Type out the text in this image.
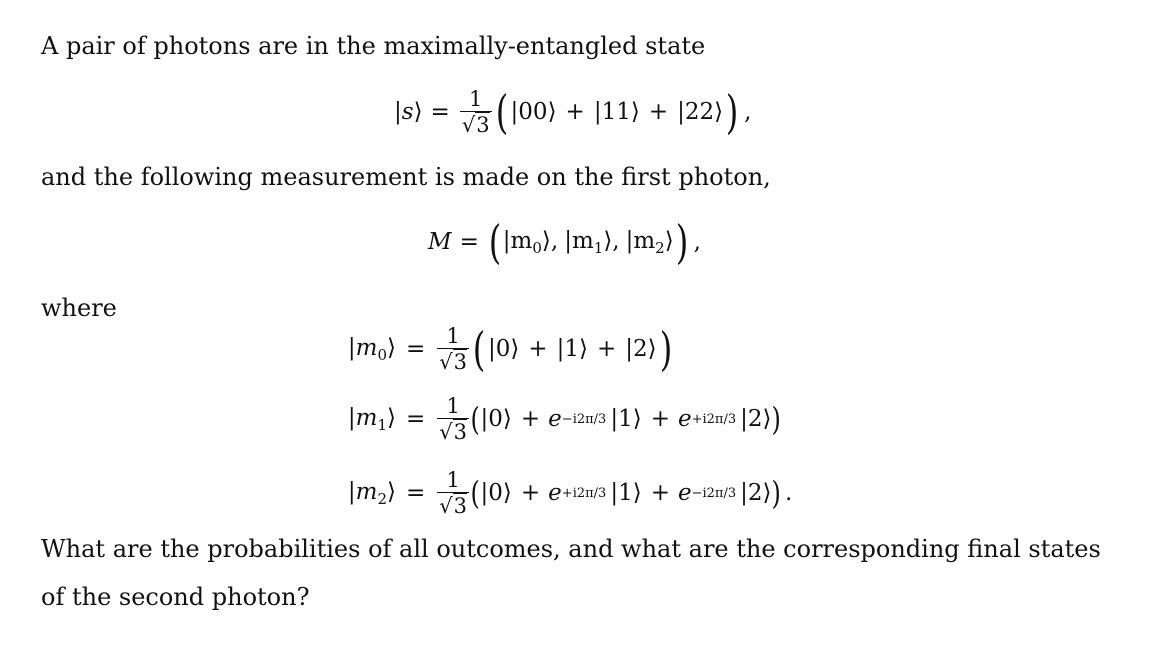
A pair of photons are in the maximally-entangled state
|s⟩ = $\frac{1}{√3}$ ( |00⟩ + |11⟩ + |22⟩ ) ,
and the following measurement is made on the first photon,
M = ( $|m_0⟩$, $|m_1⟩$, $|m_2⟩$ ) ,
where
$|m_0⟩ = \frac{1}{√3}$ ( |0⟩ + |1⟩ + |2⟩ )
$|m_1⟩ = \frac{1}{√3}$ ( |0⟩ + e −i2π/3 |1⟩ + e +i2π/3 |2⟩ )
$|m_2⟩ = \frac{1}{√3}$ ( |0⟩ + e +i2π/3 |1⟩ + e −i2π/3 |2⟩ ) .
What are the probabilities of all outcomes, and what are the corresponding final states of the second photon?
